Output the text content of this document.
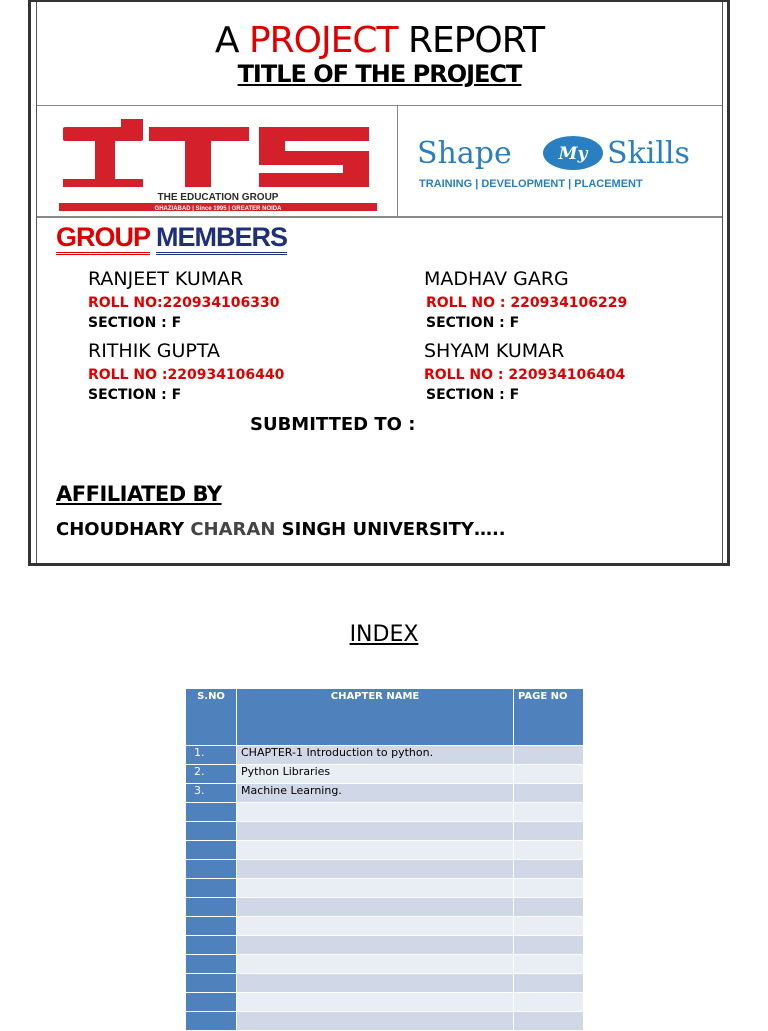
A PROJECT REPORT
TITLE OF THE PROJECT
THE EDUCATION GROUP
GHAZIABAD | Since 1995 | GREATER NOIDA
ITS
Shape	My Skills
TRAINING | DEVELOPMENT | PLACEMENT
GROUP MEMBERS
RANJEET KUMAR
ROLL NO:220934106330
SECTION : F
MADHAV GARG
ROLL NO : 220934106229
SECTION : F
RITHIK GUPTA
ROLL NO :220934106440
SECTION : F
SHYAM KUMAR
ROLL NO : 220934106404
SECTION : F
SUBMITTED TO :
AFFILIATED BY
CHOUDHARY CHARAN SINGH UNIVERSITY…..
INDEX
S.NO	CHAPTER NAME	PAGE NO
1.	CHAPTER-1 Introduction to python.	
2.	Python Libraries	
3.	Machine Learning.	
